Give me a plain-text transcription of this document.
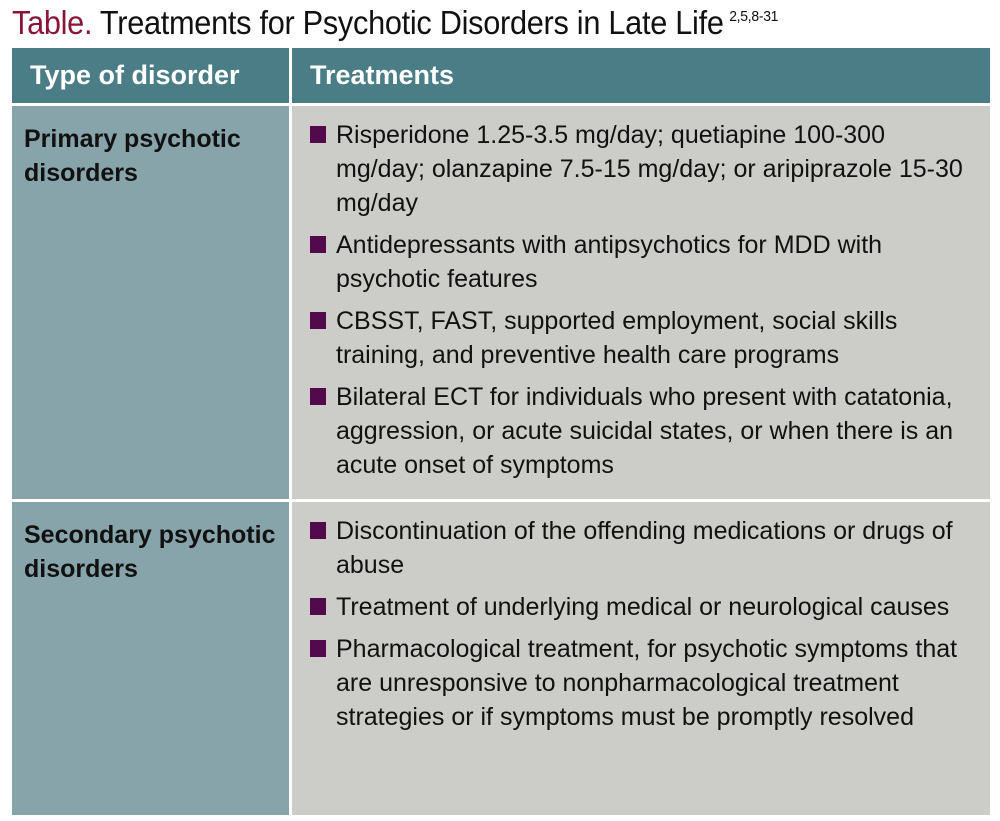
Table. Treatments for Psychotic Disorders in Late Life $^{2,5,8-31}$
Type of disorder	Treatments
Primary psychotic disorders
Risperidone 1.25-3.5 mg/day; quetiapine 100-300 mg/day; olanzapine 7.5-15 mg/day; or aripiprazole 15-30 mg/day
Antidepressants with antipsychotics for MDD with psychotic features
CBSST, FAST, supported employment, social skills training, and preventive health care programs
Bilateral ECT for individuals who present with catatonia, aggression, or acute suicidal states, or when there is an acute onset of symptoms
Secondary psychotic disorders
Discontinuation of the offending medications or drugs of abuse
Treatment of underlying medical or neurological causes
Pharmacological treatment, for psychotic symptoms that are unresponsive to nonpharmacological treatment strategies or if symptoms must be promptly resolved
